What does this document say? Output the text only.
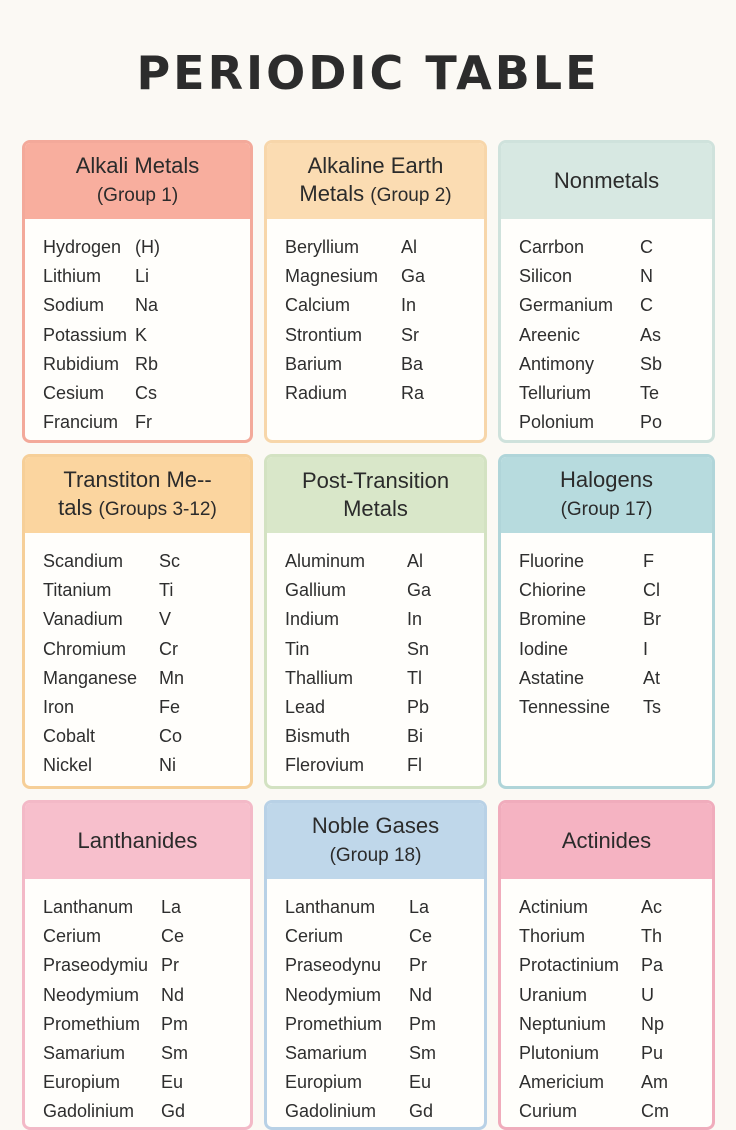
PERIODIC TABLE
Alkali Metals
(Group 1)
Hydrogen (H)
Lithium	Li
Sodium	Na
Potassium K
Rubidium Rb
Cesium	Cs
Francium Fr
Alkaline Earth
Metals (Group 2)
Beryllium	Al
Magnesium	Ga
Calcium	In
Strontium	Sr
Barium	Ba
Radium	Ra
Nonmetals
Carrbon	C
Silicon	N
Germanium	C
Areenic	As
Antimony	Sb
Tellurium	Te
Polonium	Po
Transtiton Me--
tals (Groups 3-12)
Scandium	Sc
Titanium	Ti
Vanadium	V
Chromium	Cr
Manganese	Mn
Iron	Fe
Cobalt	Co
Nickel	Ni
Post-Transition
Metals
Aluminum	Al
Gallium	Ga
Indium	In
Tin	Sn
Thallium	Tl
Lead	Pb
Bismuth	Bi
Flerovium	Fl
Halogens
(Group 17)
Fluorine	F
Chiorine	Cl
Bromine	Br
Iodine	I
Astatine	At
Tennessine	Ts
Lanthanides
Lanthanum	La
Cerium	Ce
Praseodymiu Pr
Neodymium	Nd
Promethium	Pm
Samarium	Sm
Europium	Eu
Gadolinium	Gd
Noble Gases
(Group 18)
Lanthanum	La
Cerium	Ce
Praseodynu	Pr
Neodymium	Nd
Promethium	Pm
Samarium	Sm
Europium	Eu
Gadolinium	Gd
Actinides
Actinium	Ac
Thorium	Th
Protactinium	Pa
Uranium	U
Neptunium	Np
Plutonium	Pu
Americium	Am
Curium	Cm
